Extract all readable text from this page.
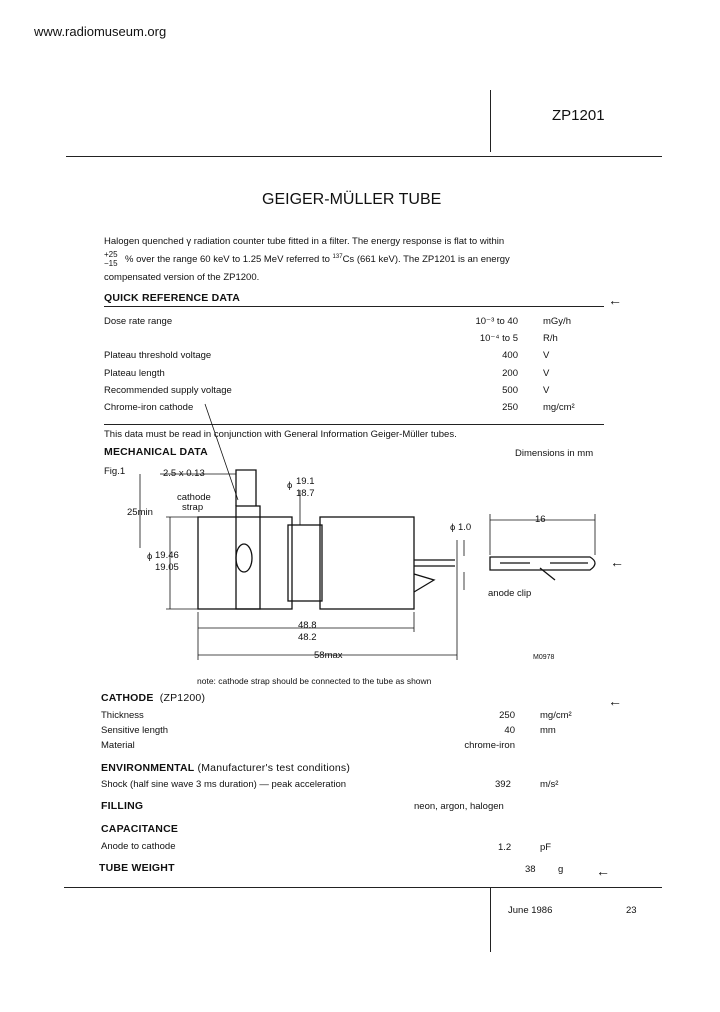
www.radiomuseum.org
ZP1201
GEIGER-MÜLLER TUBE
Halogen quenched γ radiation counter tube fitted in a filter. The energy response is flat to within
+25
−15 % over the range 60 keV to 1.25 MeV referred to $^{137}$Cs (661 keV). The ZP1201 is an energy
compensated version of the ZP1200.
QUICK REFERENCE DATA	←
Dose rate range	10⁻³ to 40	mGy/h
10⁻⁴ to 5	R/h
Plateau threshold voltage	400	V
Plateau length	200	V
Recommended supply voltage	500	V
Chrome-iron cathode	250	mg/cm²
This data must be read in conjunction with General Information Geiger-Müller tubes.
MECHANICAL DATA	Dimensions in mm
Fig.1	2.5 x 0.13
cathode
strap
25min
ϕ 19.1
18.7
ϕ 19.46
19.05
ϕ 1.0
16
anode clip
←
48.8
48.2
58max	M0978
note: cathode strap should be connected to the tube as shown
CATHODE (ZP1200)	←
Thickness	250	mg/cm²
Sensitive length	40	mm
Material	chrome-iron
ENVIRONMENTAL (Manufacturer's test conditions)
Shock (half sine wave 3 ms duration) — peak acceleration	392	m/s²
FILLING	neon, argon, halogen
CAPACITANCE
Anode to cathode	1.2	pF
TUBE WEIGHT	38 g ←
June 1986	23
